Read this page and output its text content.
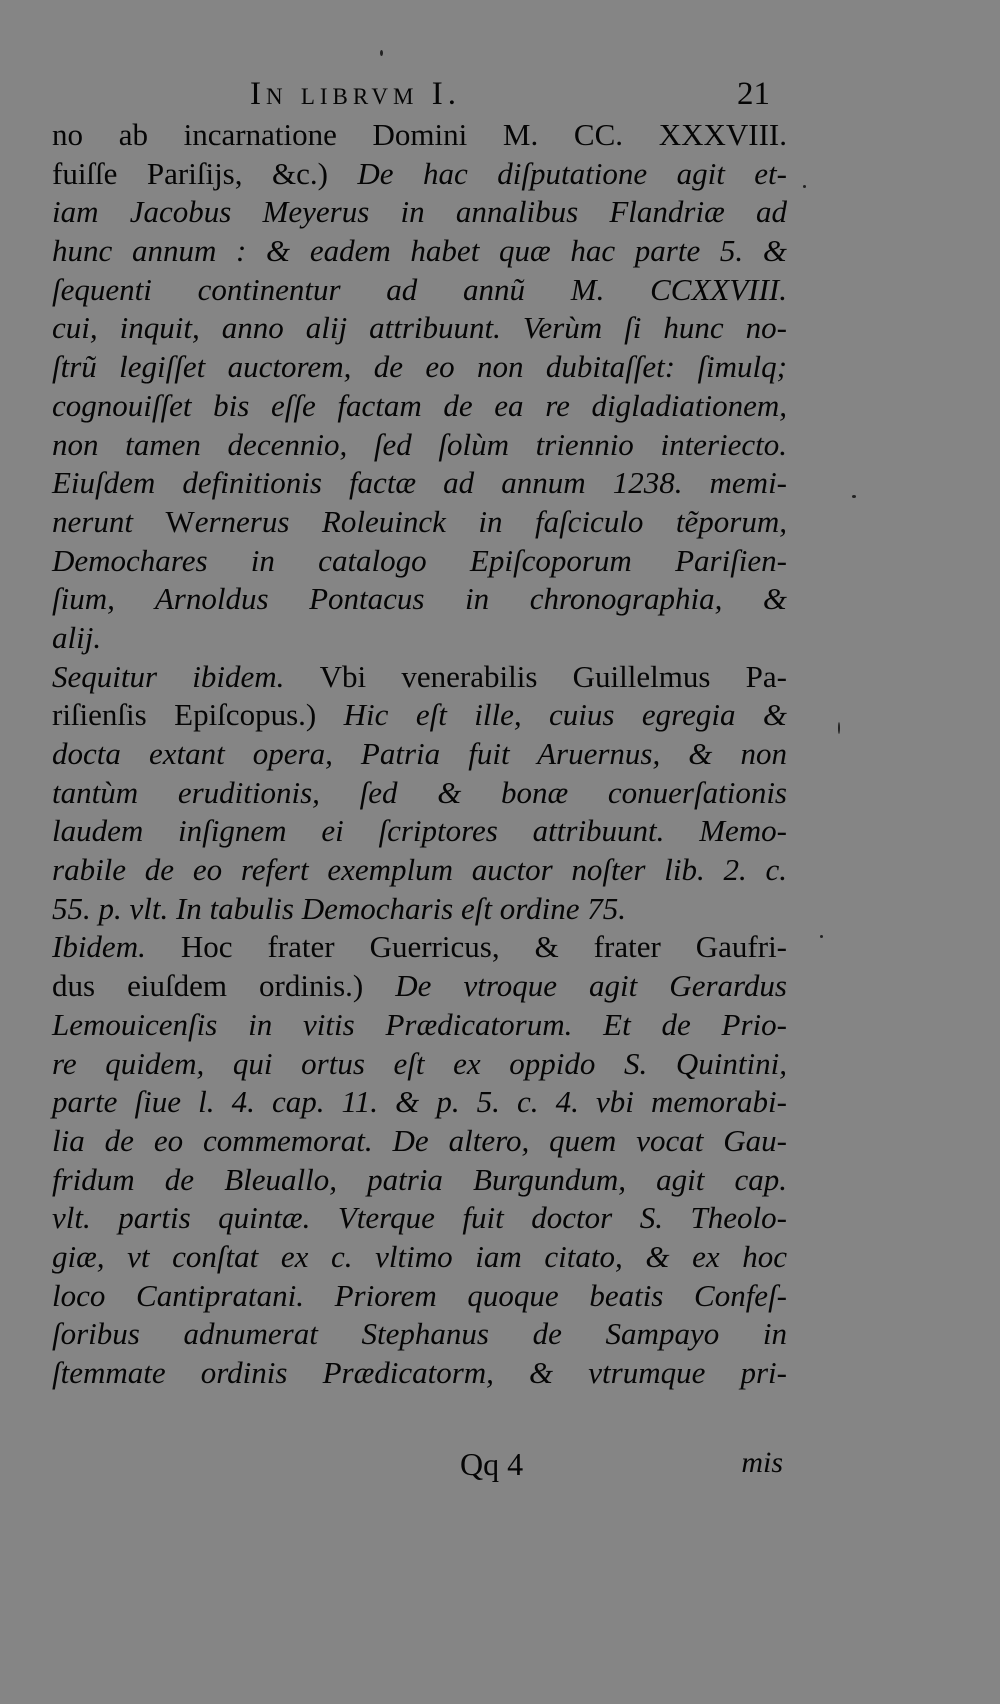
In librvm I.	21
no ab incarnatione Domini M. CC. XXXVIII.
fuiſſe Pariſijs, &c.) De hac diſputatione agit et-
iam Jacobus Meyerus in annalibus Flandriæ ad
hunc annum : & eadem habet quæ hac parte 5. &
ſequenti continentur ad annũ M. CCXXVIII.
cui, inquit, anno alij attribuunt. Verùm ſi hunc no-
ſtrũ legiſſet auctorem, de eo non dubitaſſet: ſimulq;
cognouiſſet bis eſſe factam de ea re digladiationem,
non tamen decennio, ſed ſolùm triennio interiecto.
Eiuſdem definitionis factæ ad annum 1238. memi-
nerunt Wernerus Roleuinck in faſciculo tẽporum,
Demochares in catalogo Epiſcoporum Pariſien-
ſium, Arnoldus Pontacus in chronographia, &
alij.
Sequitur ibidem. Vbi venerabilis Guillelmus Pa-
riſienſis Epiſcopus.) Hic eſt ille, cuius egregia &
docta extant opera, Patria fuit Aruernus, & non
tantùm eruditionis, ſed & bonæ conuerſationis
laudem inſignem ei ſcriptores attribuunt. Memo-
rabile de eo refert exemplum auctor noſter lib. 2. c.
55. p. vlt. In tabulis Democharis eſt ordine 75.
Ibidem. Hoc frater Guerricus, & frater Gaufri-
dus eiuſdem ordinis.) De vtroque agit Gerardus
Lemouicenſis in vitis Prædicatorum. Et de Prio-
re quidem, qui ortus eſt ex oppido S. Quintini,
parte ſiue l. 4. cap. 11. & p. 5. c. 4. vbi memorabi-
lia de eo commemorat. De altero, quem vocat Gau-
fridum de Bleuallo, patria Burgundum, agit cap.
vlt. partis quintæ. Vterque fuit doctor S. Theolo-
giæ, vt conſtat ex c. vltimo iam citato, & ex hoc
loco Cantipratani. Priorem quoque beatis Confeſ-
ſoribus adnumerat Stephanus de Sampayo in
ſtemmate ordinis Prædicatorm, & vtrumque pri-
Qq 4	mis
